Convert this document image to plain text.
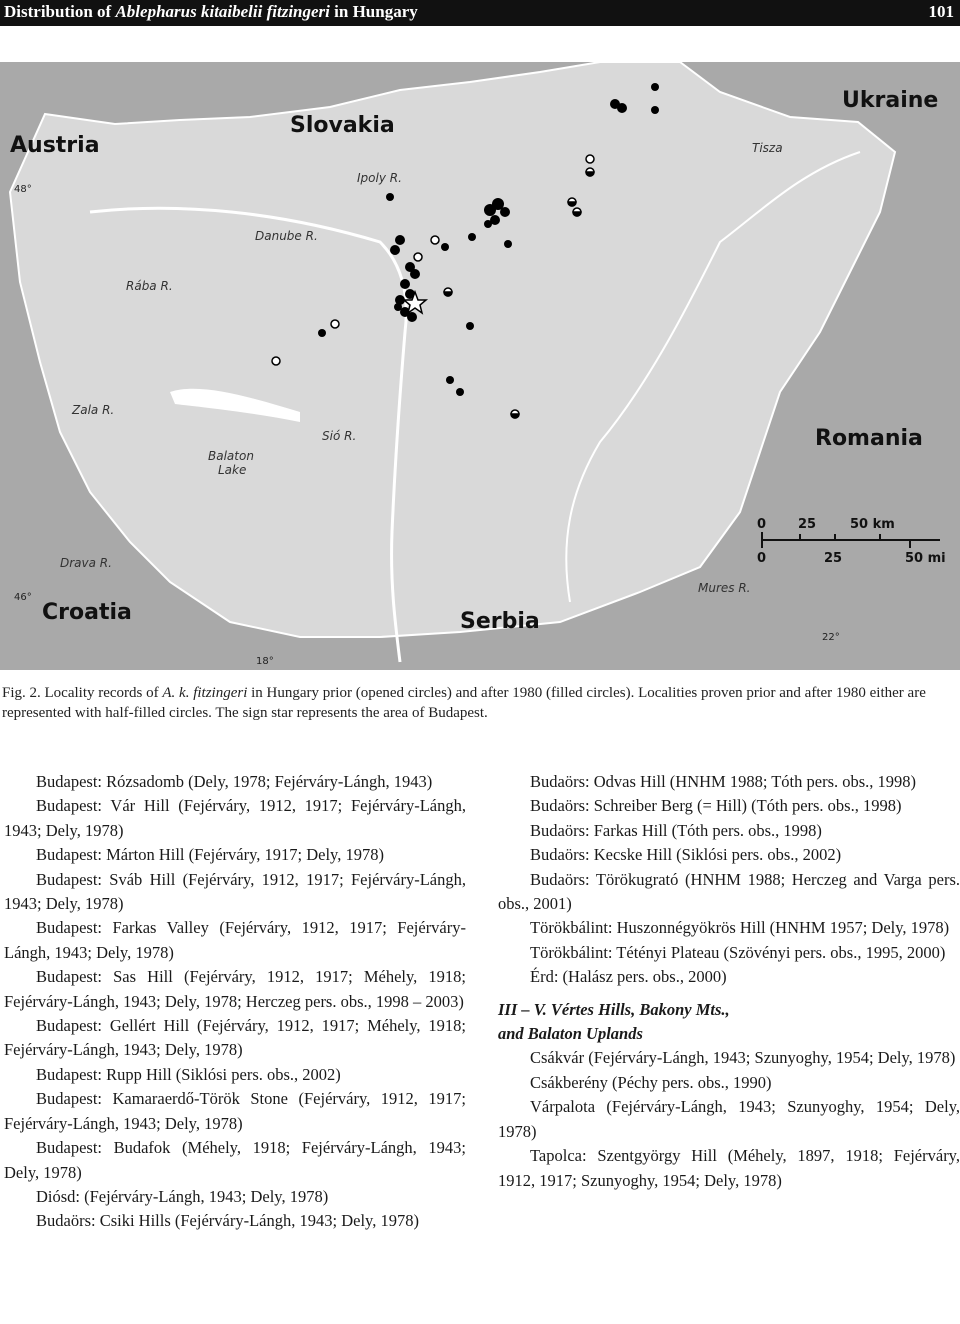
Distribution of Ablepharus kitaibelii fitzingeri in Hungary	101
Slovakia
Ukraine
Austria
Romania
Croatia	Serbia
Ipoly R.
Tisza
Danube R.
Rába R.
Zala R.
Sió R.
Drava R.
Mures R.
Balaton
Lake
48°
46°
18°
22°
0 25	50 km
0	25	50 mi
Fig. 2. Locality records of A. k. fitzingeri in Hungary prior (opened circles) and after 1980 (filled circles). Localities proven prior and after 1980 either are represented with half-filled circles. The sign star represents the area of Budapest.

Budapest: Rózsadomb (Dely, 1978; Fejérváry-Lángh, 1943)

Budapest: Vár Hill (Fejérváry, 1912, 1917; Fejérváry-Lángh, 1943; Dely, 1978)

Budapest: Márton Hill (Fejérváry, 1917; Dely, 1978)

Budapest: Sváb Hill (Fejérváry, 1912, 1917; Fejérváry-Lángh, 1943; Dely, 1978)

Budapest: Farkas Valley (Fejérváry, 1912, 1917; Fejérváry-Lángh, 1943; Dely, 1978)

Budapest: Sas Hill (Fejérváry, 1912, 1917; Méhely, 1918; Fejérváry-Lángh, 1943; Dely, 1978; Herczeg pers. obs., 1998 – 2003)

Budapest: Gellért Hill (Fejérváry, 1912, 1917; Méhely, 1918; Fejérváry-Lángh, 1943; Dely, 1978)

Budapest: Rupp Hill (Siklósi pers. obs., 2002)

Budapest: Kamaraerdő-Török Stone (Fejérváry, 1912, 1917; Fejérváry-Lángh, 1943; Dely, 1978)

Budapest: Budafok (Méhely, 1918; Fejérváry-Lángh, 1943; Dely, 1978)

Diósd: (Fejérváry-Lángh, 1943; Dely, 1978)

Budaörs: Csiki Hills (Fejérváry-Lángh, 1943; Dely, 1978)

Budaörs: Odvas Hill (HNHM 1988; Tóth pers. obs., 1998)

Budaörs: Schreiber Berg (= Hill) (Tóth pers. obs., 1998)

Budaörs: Farkas Hill (Tóth pers. obs., 1998)

Budaörs: Kecske Hill (Siklósi pers. obs., 2002)

Budaörs: Törökugrató (HNHM 1988; Herczeg and Varga pers. obs., 2001)

Törökbálint: Huszonnégyökrös Hill (HNHM 1957; Dely, 1978)

Törökbálint: Tétényi Plateau (Szövényi pers. obs., 1995, 2000)

Érd: (Halász pers. obs., 2000)

III – V. Vértes Hills, Bakony Mts.,
and Balaton Uplands

Csákvár (Fejérváry-Lángh, 1943; Szunyoghy, 1954; Dely, 1978)

Csákberény (Péchy pers. obs., 1990)

Várpalota (Fejérváry-Lángh, 1943; Szunyoghy, 1954; Dely, 1978)

Tapolca: Szentgyörgy Hill (Méhely, 1897, 1918; Fejérváry, 1912, 1917; Szunyoghy, 1954; Dely, 1978)
